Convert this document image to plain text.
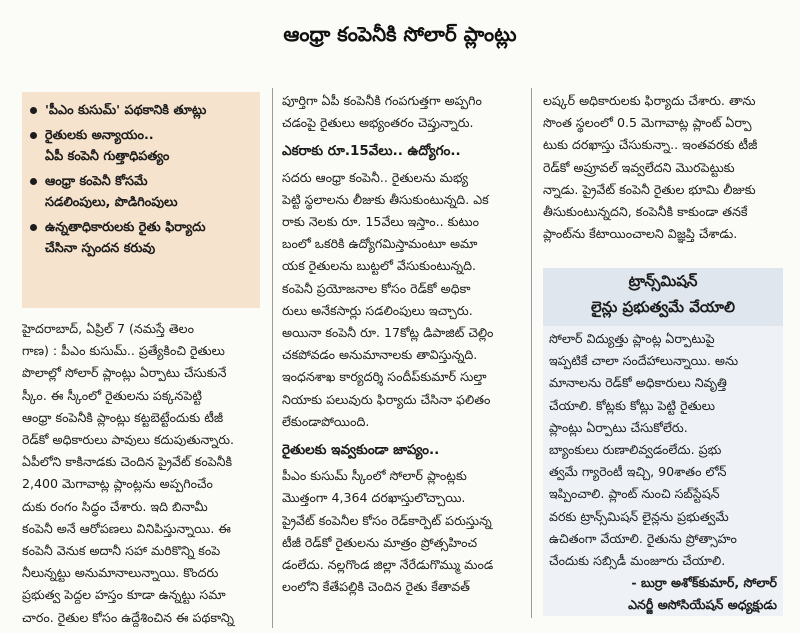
ఆంధ్రా కంపెనీకి సోలార్ ప్లాంట్లు
'పీఎం కుసుమ్' పథకానికి తూట్లు
రైతులకు అన్యాయం..
ఏపీ కంపెనీ గుత్తాధిపత్యం
ఆంధ్రా కంపెనీ కోసమే
సడలింపులు, పొడిగింపులు
ఉన్నతాధికారులకు రైతు ఫిర్యాదు
చేసినా స్పందన కరువు
హైదరాబాద్, ఏప్రిల్ 7 (నమస్తే తెలం
గాణ) : పీఎం కుసుమ్.. ప్రత్యేకించి రైతులు
పొలాల్లో సోలార్ ప్లాంట్లు ఏర్పాటు చేసుకునే
స్కీం. ఈ స్కీంలో రైతులను పక్కనపెట్టి
ఆంధ్రా కంపెనీకి ప్లాంట్లు కట్టబెట్టేందుకు టీజీ
రెడ్‌కో అధికారులు పావులు కదుపుతున్నారు.
ఏపీలోని కాకినాడకు చెందిన ప్రైవేట్ కంపెనీకి
2,400 మెగావాట్ల ప్లాంట్లను అప్పగించేం
దుకు రంగం సిద్ధం చేశారు. ఇది బినామీ
కంపెనీ అనే ఆరోపణలు వినిపిస్తున్నాయి. ఈ
కంపెనీ వెనుక అదానీ సహా మరికొన్ని కంపె
నీలున్నట్టు అనుమానాలున్నాయి. కొందరు
ప్రభుత్వ పెద్దల హస్తం కూడా ఉన్నట్టు సమా
చారం. రైతుల కోసం ఉద్దేశించిన ఈ పథకాన్ని
పూర్తిగా ఏపీ కంపెనీకి గంపగుత్తగా అప్పగిం
చడంపై రైతులు అభ్యంతరం చెప్తున్నారు.
ఎకరాకు రూ.15వేలు.. ఉద్యోగం..
సదరు ఆంధ్రా కంపెనీ.. రైతులను మభ్య
పెట్టి స్థలాలను లీజుకు తీసుకుంటున్నది. ఎక
రాకు నెలకు రూ. 15వేలు ఇస్తాం.. కుటుం
బంలో ఒకరికి ఉద్యోగమిస్తామంటూ అమా
యక రైతులను బుట్టలో వేసుకుంటున్నది.
కంపెనీ ప్రయోజనాల కోసం రెడ్‌కో అధికా
రులు అనేకసార్లు సడలింపులు ఇచ్చారు.
అయినా కంపెనీ రూ. 17కోట్ల డిపాజిట్ చెల్లిం
చకపోవడం అనుమానాలకు తావిస్తున్నది.
ఇంధనశాఖ కార్యదర్శి సందీప్‌కుమార్ సుల్తా
నియాకు పలువురు ఫిర్యాదు చేసినా ఫలితం
లేకుండాపోయింది.
రైతులకు ఇవ్వకుండా జాప్యం..
పీఎం కుసుమ్ స్కీంలో సోలార్ ప్లాంట్లకు
మొత్తంగా 4,364 దరఖాస్తులొచ్చాయి.
ప్రైవేట్ కంపెనీల కోసం రెడ్‌కార్పెట్ పరుస్తున్న
టీజీ రెడ్‌కో రైతులను మాత్రం ప్రోత్సహించ
డంలేదు. నల్లగొండ జిల్లా నేరేడుగొమ్ము మండ
లంలోని కేతేపల్లికి చెందిన రైతు కేతావత్
లష్కర్ అధికారులకు ఫిర్యాదు చేశారు. తాను
సొంత స్థలంలో 0.5 మెగావాట్ల ప్లాంట్ ఏర్పా
టుకు దరఖాస్తు చేసుకున్నా.. ఇంతవరకు టీజీ
రెడ్‌కో అప్రూవల్ ఇవ్వలేదని మొరపెట్టుకు
న్నాడు. ప్రైవేట్ కంపెనీ రైతుల భూమి లీజుకు
తీసుకుంటున్నదని, కంపెనీకి కాకుండా తనకే
ప్లాంట్‌ను కేటాయించాలని విజ్ఞప్తి చేశాడు.
ట్రాన్స్‌మిషన్
లైన్లు ప్రభుత్వమే వేయాలి
సోలార్ విద్యుత్తు ప్లాంట్ల ఏర్పాటుపై
ఇప్పటికే చాలా సందేహాలున్నాయి. అను
మానాలను రెడ్‌కో అధికారులు నివృత్తి
చేయాలి. కోట్లకు కోట్లు పెట్టి రైతులు
ప్లాంట్లు ఏర్పాటు చేసుకోలేరు.
బ్యాంకులు రుణాలివ్వడంలేదు. ప్రభు
త్వమే గ్యారెంటీ ఇచ్చి, 90శాతం లోన్
ఇప్పించాలి. ప్లాంట్ నుంచి సబ్‌స్టేషన్
వరకు ట్రాన్స్‌మిషన్ లైన్లను ప్రభుత్వమే
ఉచితంగా వేయాలి. రైతును ప్రోత్సాహం
చేందుకు సబ్సిడీ మంజూరు చేయాలి.
- బుర్రా అశోక్‌కుమార్, సోలార్
ఎనర్జీ అసోసియేషన్ అధ్యక్షుడు
